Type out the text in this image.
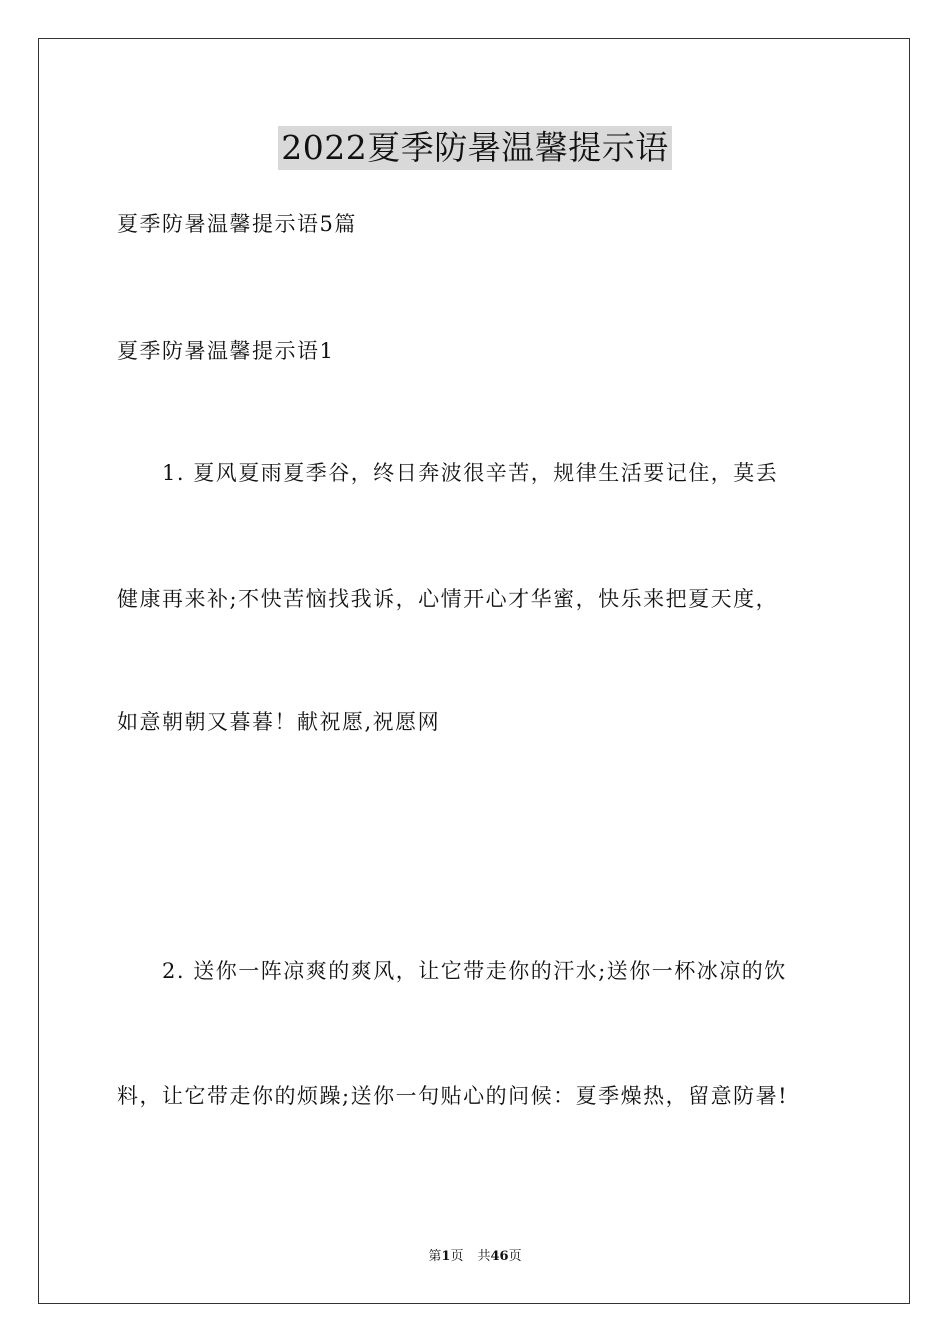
2022夏季防暑温馨提示语
夏季防暑温馨提示语5篇
夏季防暑温馨提示语1
1. 夏风夏雨夏季谷，终日奔波很辛苦，规律生活要记住，莫丢
健康再来补;不快苦恼找我诉，心情开心才华蜜，快乐来把夏天度，
如意朝朝又暮暮！献祝愿,祝愿网
2. 送你一阵凉爽的爽风，让它带走你的汗水;送你一杯冰凉的饮
料，让它带走你的烦躁;送你一句贴心的问候：夏季燥热，留意防暑!
第1页 共46页
